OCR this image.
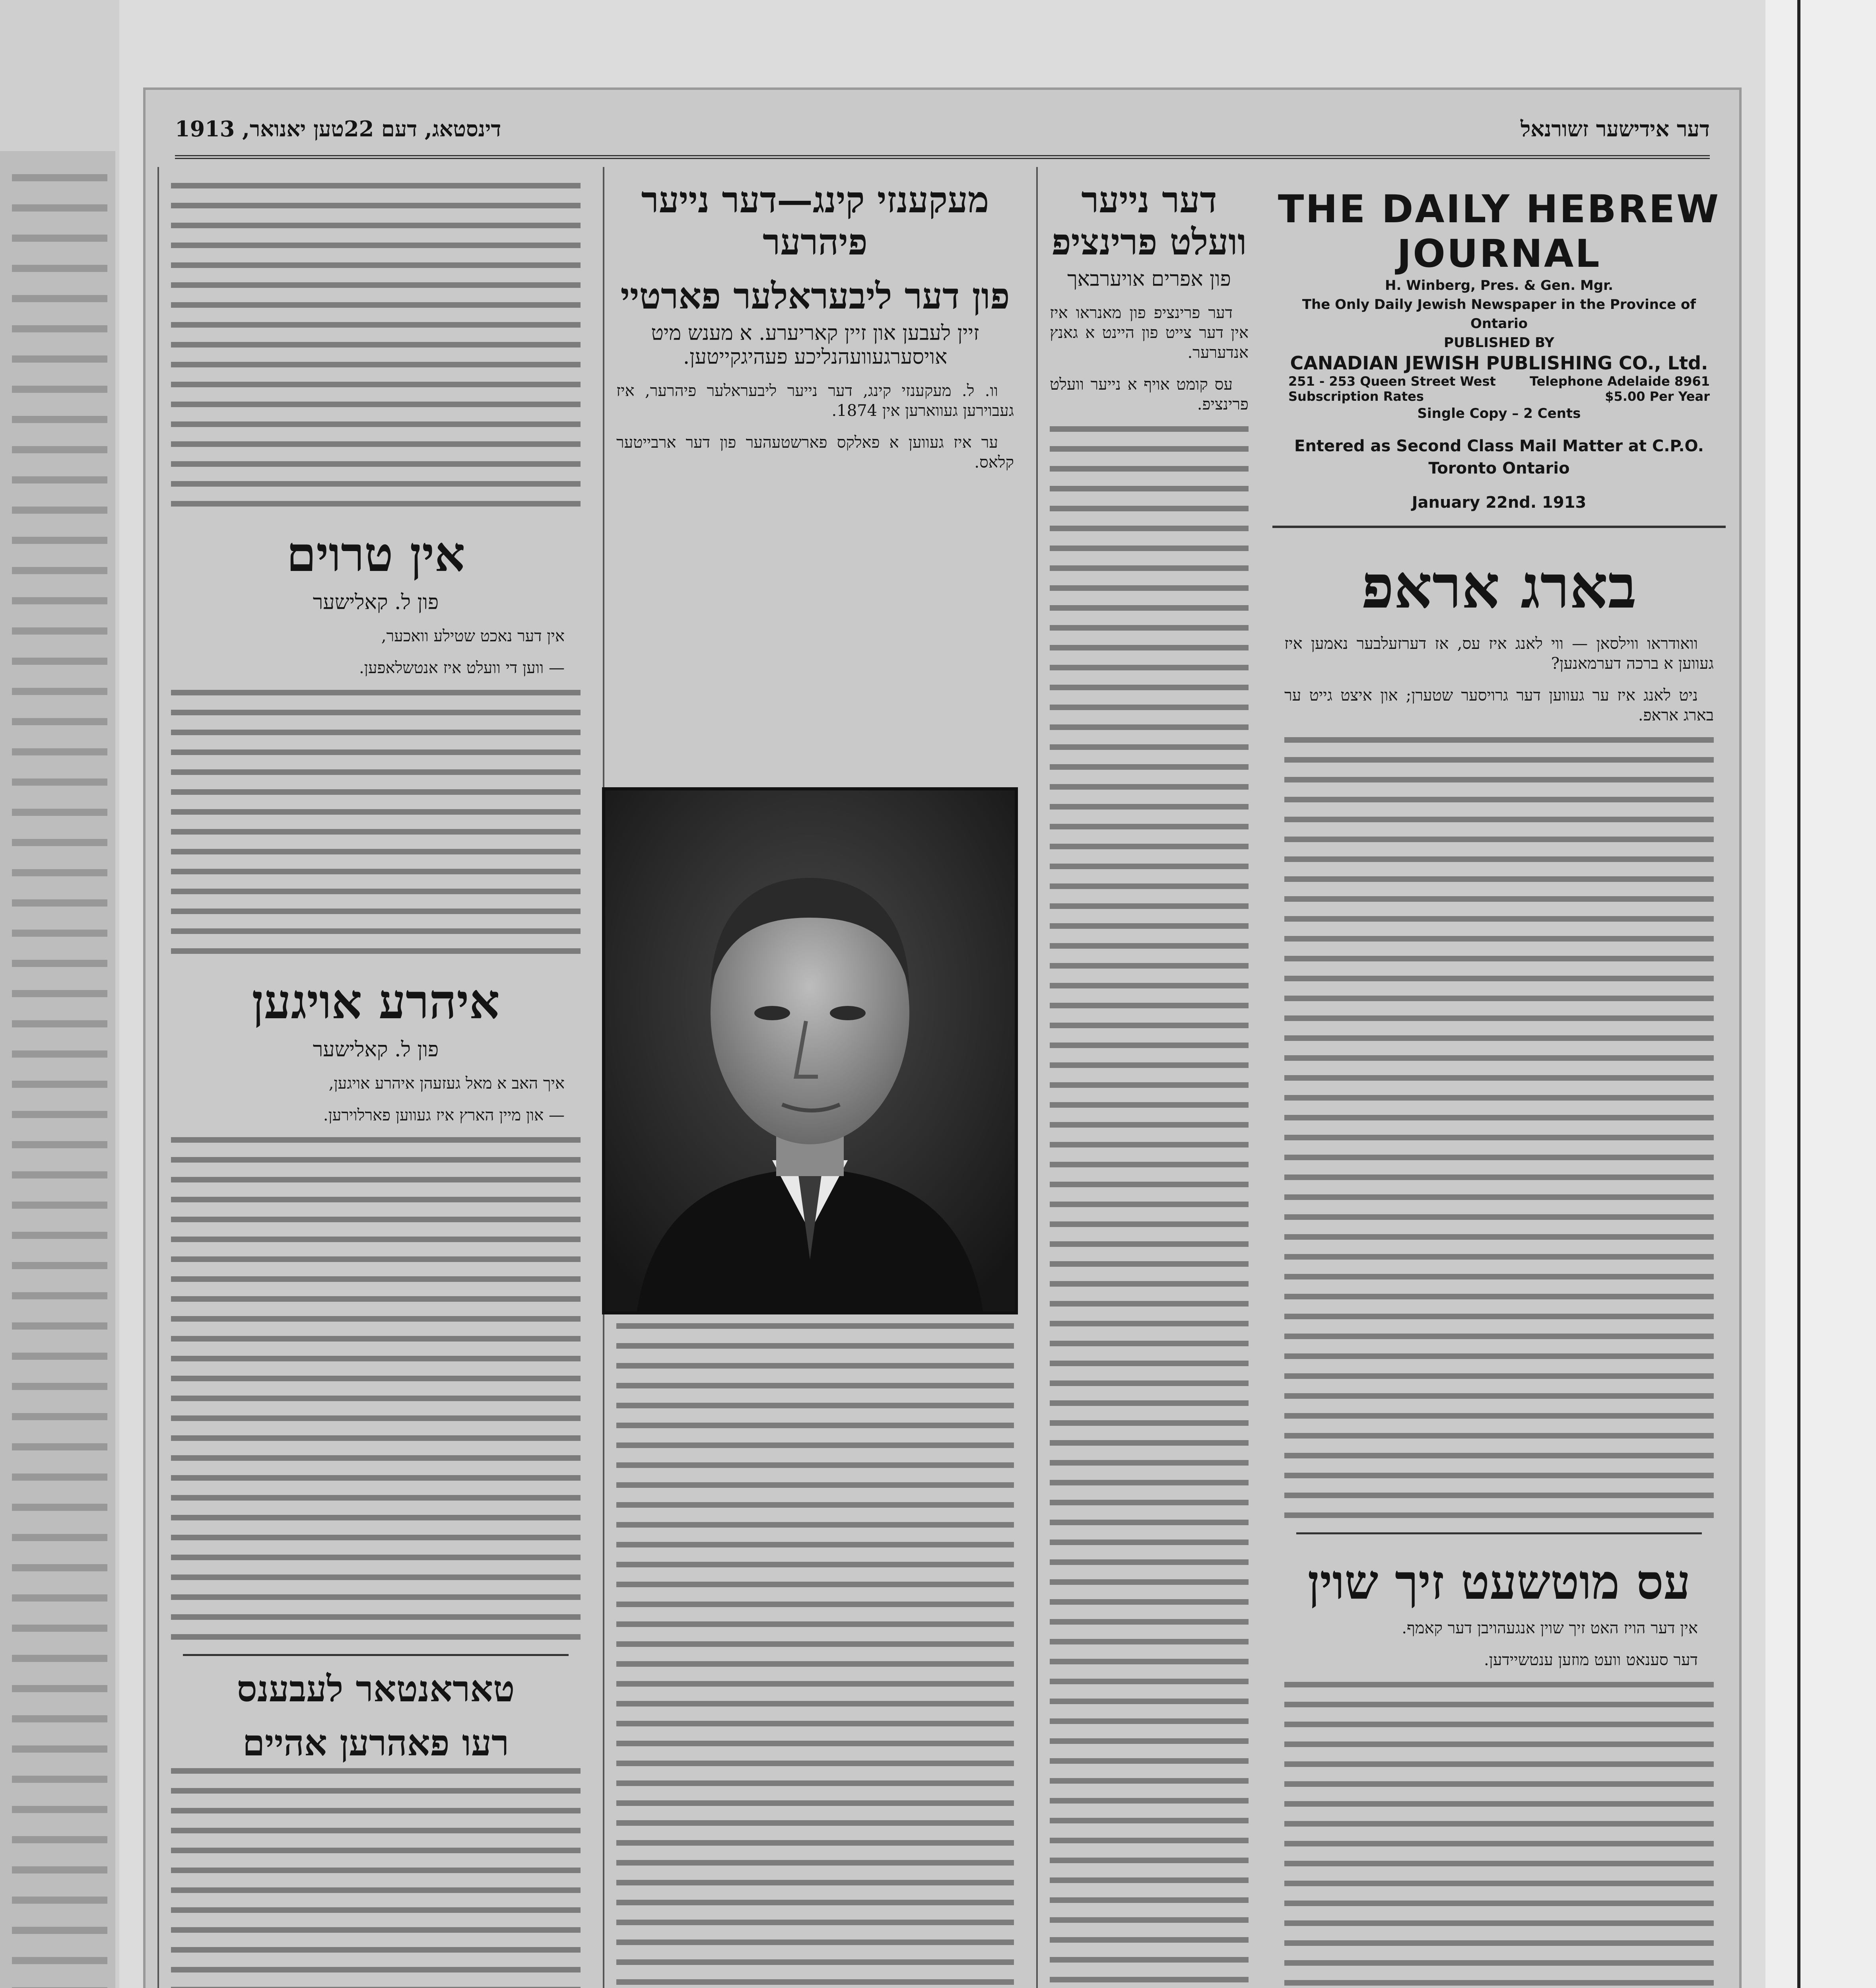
דער אידישער זשורנאל
דינסטאג, דעם 22טען יאנואר, 1913
THE DAILY HEBREW JOURNAL
H. Winberg, Pres. & Gen. Mgr.
The Only Daily Jewish Newspaper in the Province of Ontario
PUBLISHED BY
CANADIAN JEWISH PUBLISHING CO., Ltd.
251 - 253 Queen Street West	Telephone Adelaide 8961
Subscription Rates	$5.00 Per Year
Single Copy – 2 Cents
Entered as Second Class Mail Matter at C.P.O. Toronto Ontario
January 22nd. 1913
בארג אראפ

וואודראו ווילסאן — ווי לאנג איז עס, אז דערזעלבער נאמען איז געווען א ברכה דערמאנען?

ניט לאנג איז ער געווען דער גרויסער שטערן; און איצט גייט ער בארג אראפ.

עס מוטשעט זיך שוין

אין דער הויז האט זיך שוין אנגעהויבן דער קאמף.

דער סענאט וועט מוזען ענטשיידען.

דער נייער וועלט פרינציפ
פון אפרים אויערבאך

דער פרינציפ פון מאנראו איז אין דער צייט פון היינט א גאנץ אנדערער.

עס קומט אויף א נייער וועלט פרינציפ.

מעקענזי קינג—דער נייער פיהרער
פון דער ליבעראלער פארטיי
זיין לעבען און זיין קאריערע. א מענש מיט אויסערגעוועהנליכע פעהיגקייטען.

וו. ל. מעקענזי קינג, דער נייער ליבעראלער פיהרער, איז געבוירען געווארען אין 1874.

ער איז געווען א פאלקס פארשטעהער פון דער ארבייטער קלאס.

אין טרוים
פון ל. קאלישער

אין דער נאכט שטילע וואכער,

— ווען די וועלט איז אנטשלאפען.

איהרע אויגען
פון ל. קאלישער

איך האב א מאל געזעהן איהרע אויגען,

— און מיין הארץ איז געווען פארלוירען.

טאראנטאר לעבענס
רעו פאהרען אהיים
